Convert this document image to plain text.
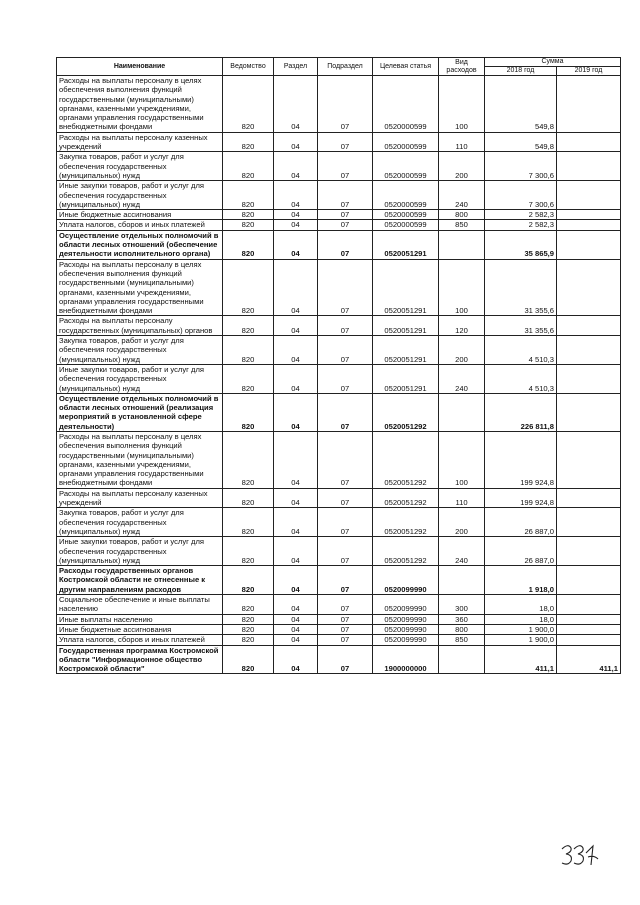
Наименование	Ведомство	Раздел	Подраздел	Целевая статья	Вид расходов	Сумма	
						2018 год	2019 год
Расходы на выплаты персоналу в целях обеспечения выполнения функций государственными (муниципальными) органами, казенными учреждениями, органами управления государственными внебюджетными фондами	820	04	07	0520000599	100	549,8	
Расходы на выплаты персоналу казенных учреждений	820	04	07	0520000599	110	549,8	
Закупка товаров, работ и услуг для обеспечения государственных (муниципальных) нужд	820	04	07	0520000599	200	7 300,6	
Иные закупки товаров, работ и услуг для обеспечения государственных (муниципальных) нужд	820	04	07	0520000599	240	7 300,6	
Иные бюджетные ассигнования	820	04	07	0520000599	800	2 582,3	
Уплата налогов, сборов и иных платежей	820	04	07	0520000599	850	2 582,3	
Осуществление отдельных полномочий в области лесных отношений (обеспечение деятельности исполнительного органа)	820	04	07	0520051291		35 865,9	
Расходы на выплаты персоналу в целях обеспечения выполнения функций государственными (муниципальными) органами, казенными учреждениями, органами управления государственными внебюджетными фондами	820	04	07	0520051291	100	31 355,6	
Расходы на выплаты персоналу государственных (муниципальных) органов	820	04	07	0520051291	120	31 355,6	
Закупка товаров, работ и услуг для обеспечения государственных (муниципальных) нужд	820	04	07	0520051291	200	4 510,3	
Иные закупки товаров, работ и услуг для обеспечения государственных (муниципальных) нужд	820	04	07	0520051291	240	4 510,3	
Осуществление отдельных полномочий в области лесных отношений (реализация мероприятий в установленной сфере деятельности)	820	04	07	0520051292		226 811,8	
Расходы на выплаты персоналу в целях обеспечения выполнения функций государственными (муниципальными) органами, казенными учреждениями, органами управления государственными внебюджетными фондами	820	04	07	0520051292	100	199 924,8	
Расходы на выплаты персоналу казенных учреждений	820	04	07	0520051292	110	199 924,8	
Закупка товаров, работ и услуг для обеспечения государственных (муниципальных) нужд	820	04	07	0520051292	200	26 887,0	
Иные закупки товаров, работ и услуг для обеспечения государственных (муниципальных) нужд	820	04	07	0520051292	240	26 887,0	
Расходы государственных органов Костромской области не отнесенные к другим направлениям расходов	820	04	07	0520099990		1 918,0	
Социальное обеспечение и иные выплаты населению	820	04	07	0520099990	300	18,0	
Иные выплаты населению	820	04	07	0520099990	360	18,0	
Иные бюджетные ассигнования	820	04	07	0520099990	800	1 900,0	
Уплата налогов, сборов и иных платежей	820	04	07	0520099990	850	1 900,0	
Государственная программа Костромской области "Информационное общество Костромской области"	820	04	07	1900000000		411,1	411,1
